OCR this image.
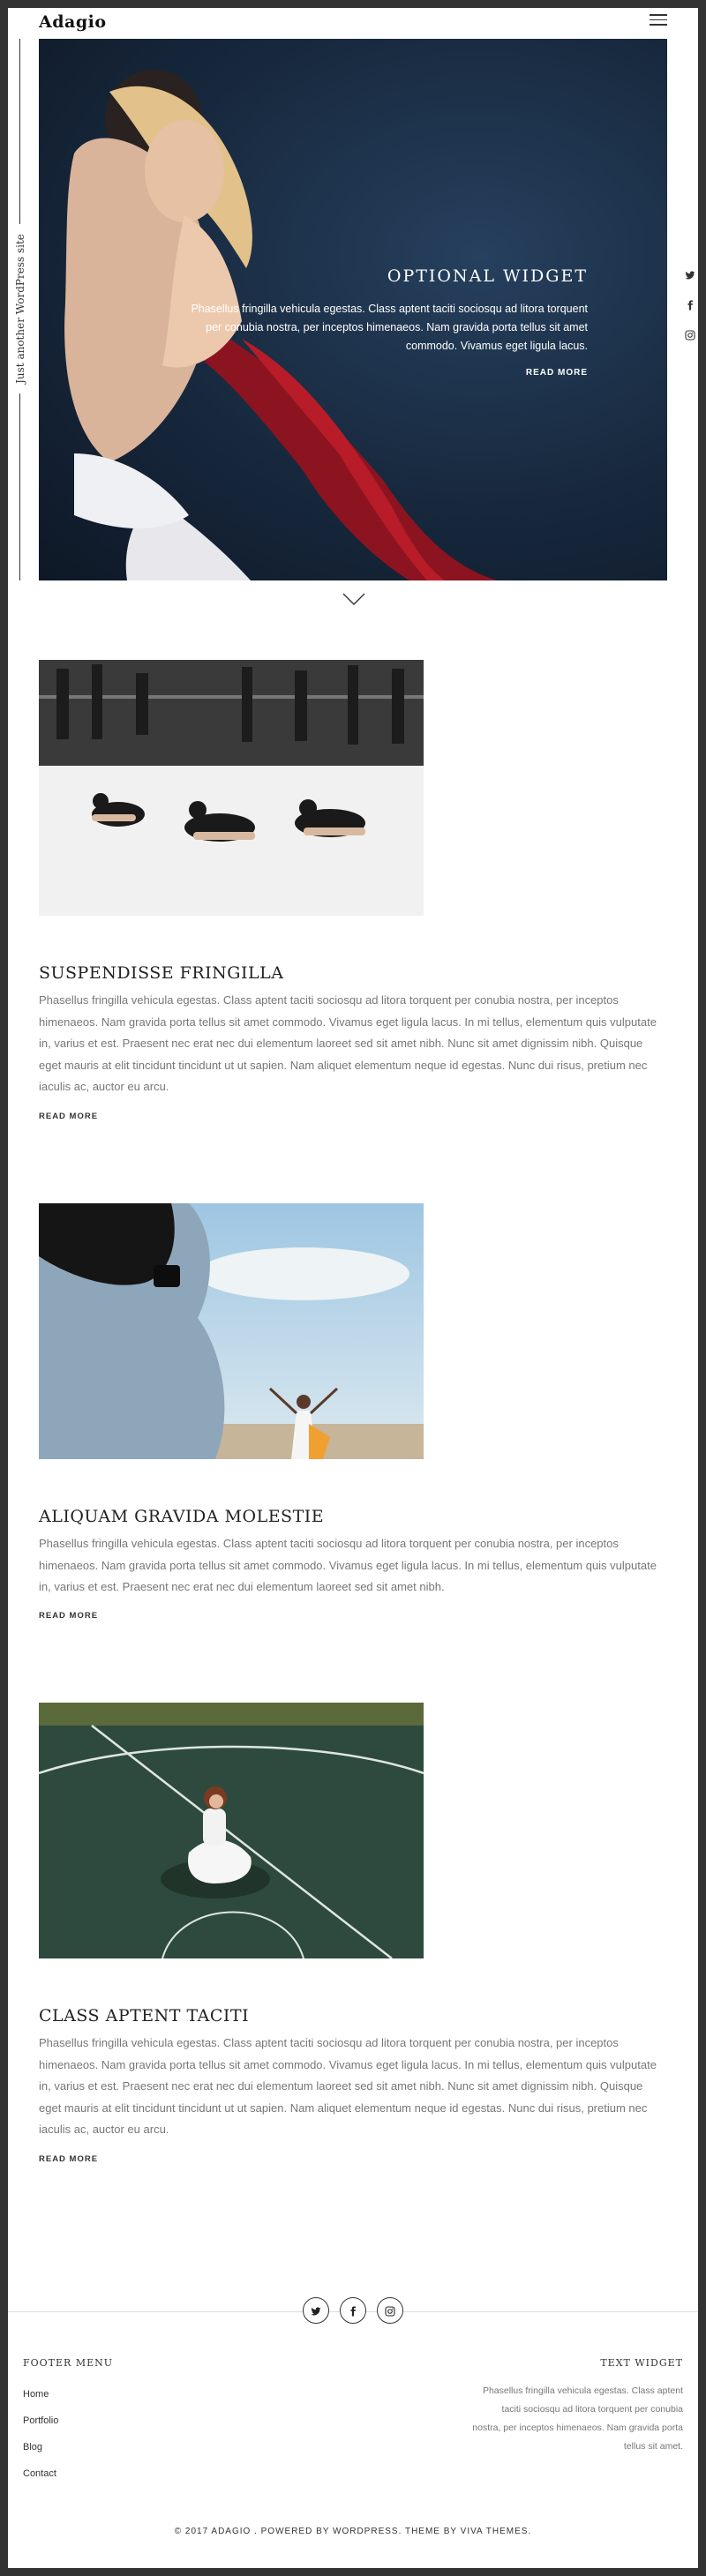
Adagio
Just another WordPress site	OPTIONAL WIDGET
Phasellus fringilla vehicula egestas. Class aptent taciti sociosqu ad litora torquent per conubia nostra, per inceptos himenaeos. Nam gravida porta tellus sit amet commodo. Vivamus eget ligula lacus.
READ MORE
SUSPENDISSE FRINGILLA
Phasellus fringilla vehicula egestas. Class aptent taciti sociosqu ad litora torquent per conubia nostra, per inceptos himenaeos. Nam gravida porta tellus sit amet commodo. Vivamus eget ligula lacus. In mi tellus, elementum quis vulputate in, varius et est. Praesent nec erat nec dui elementum laoreet sed sit amet nibh. Nunc sit amet dignissim nibh. Quisque eget mauris at elit tincidunt tincidunt ut ut sapien. Nam aliquet elementum neque id egestas. Nunc dui risus, pretium nec iaculis ac, auctor eu arcu.
READ MORE
ALIQUAM GRAVIDA MOLESTIE
Phasellus fringilla vehicula egestas. Class aptent taciti sociosqu ad litora torquent per conubia nostra, per inceptos himenaeos. Nam gravida porta tellus sit amet commodo. Vivamus eget ligula lacus. In mi tellus, elementum quis vulputate in, varius et est. Praesent nec erat nec dui elementum laoreet sed sit amet nibh.
READ MORE
CLASS APTENT TACITI
Phasellus fringilla vehicula egestas. Class aptent taciti sociosqu ad litora torquent per conubia nostra, per inceptos himenaeos. Nam gravida porta tellus sit amet commodo. Vivamus eget ligula lacus. In mi tellus, elementum quis vulputate in, varius et est. Praesent nec erat nec dui elementum laoreet sed sit amet nibh. Nunc sit amet dignissim nibh. Quisque eget mauris at elit tincidunt tincidunt ut ut sapien. Nam aliquet elementum neque id egestas. Nunc dui risus, pretium nec iaculis ac, auctor eu arcu.
READ MORE
FOOTER MENU
Home
Portfolio
Blog
Contact
TEXT WIDGET
Phasellus fringilla vehicula egestas. Class aptent taciti sociosqu ad litora torquent per conubia nostra, per inceptos himenaeos. Nam gravida porta tellus sit amet.
© 2017 ADAGIO . POWERED BY WORDPRESS. THEME BY VIVA THEMES.
